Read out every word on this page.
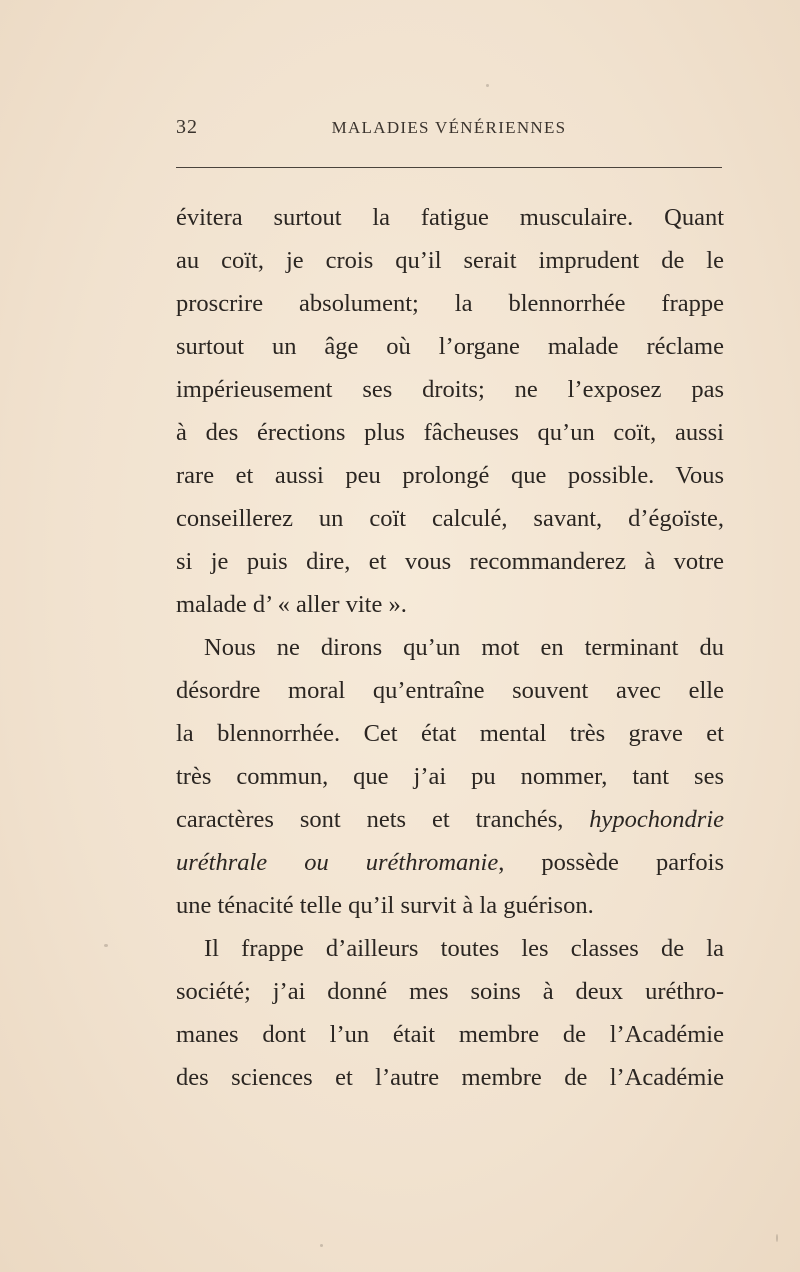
32	MALADIES VÉNÉRIENNES
évitera surtout la fatigue musculaire. Quant
au coït, je crois qu’il serait imprudent de le
proscrire absolument; la blennorrhée frappe
surtout un âge où l’organe malade réclame
impérieusement ses droits; ne l’exposez pas
à des érections plus fâcheuses qu’un coït, aussi
rare et aussi peu prolongé que possible. Vous
conseillerez un coït calculé, savant, d’égoïste,
si je puis dire, et vous recommanderez à votre
malade d’ « aller vite ».
Nous ne dirons qu’un mot en terminant du
désordre moral qu’entraîne souvent avec elle
la blennorrhée. Cet état mental très grave et
très commun, que j’ai pu nommer, tant ses
caractères sont nets et tranchés, hypochondrie
uréthrale ou uréthromanie, possède parfois
une ténacité telle qu’il survit à la guérison.
Il frappe d’ailleurs toutes les classes de la
société; j’ai donné mes soins à deux uréthro-
manes dont l’un était membre de l’Académie
des sciences et l’autre membre de l’Académie
